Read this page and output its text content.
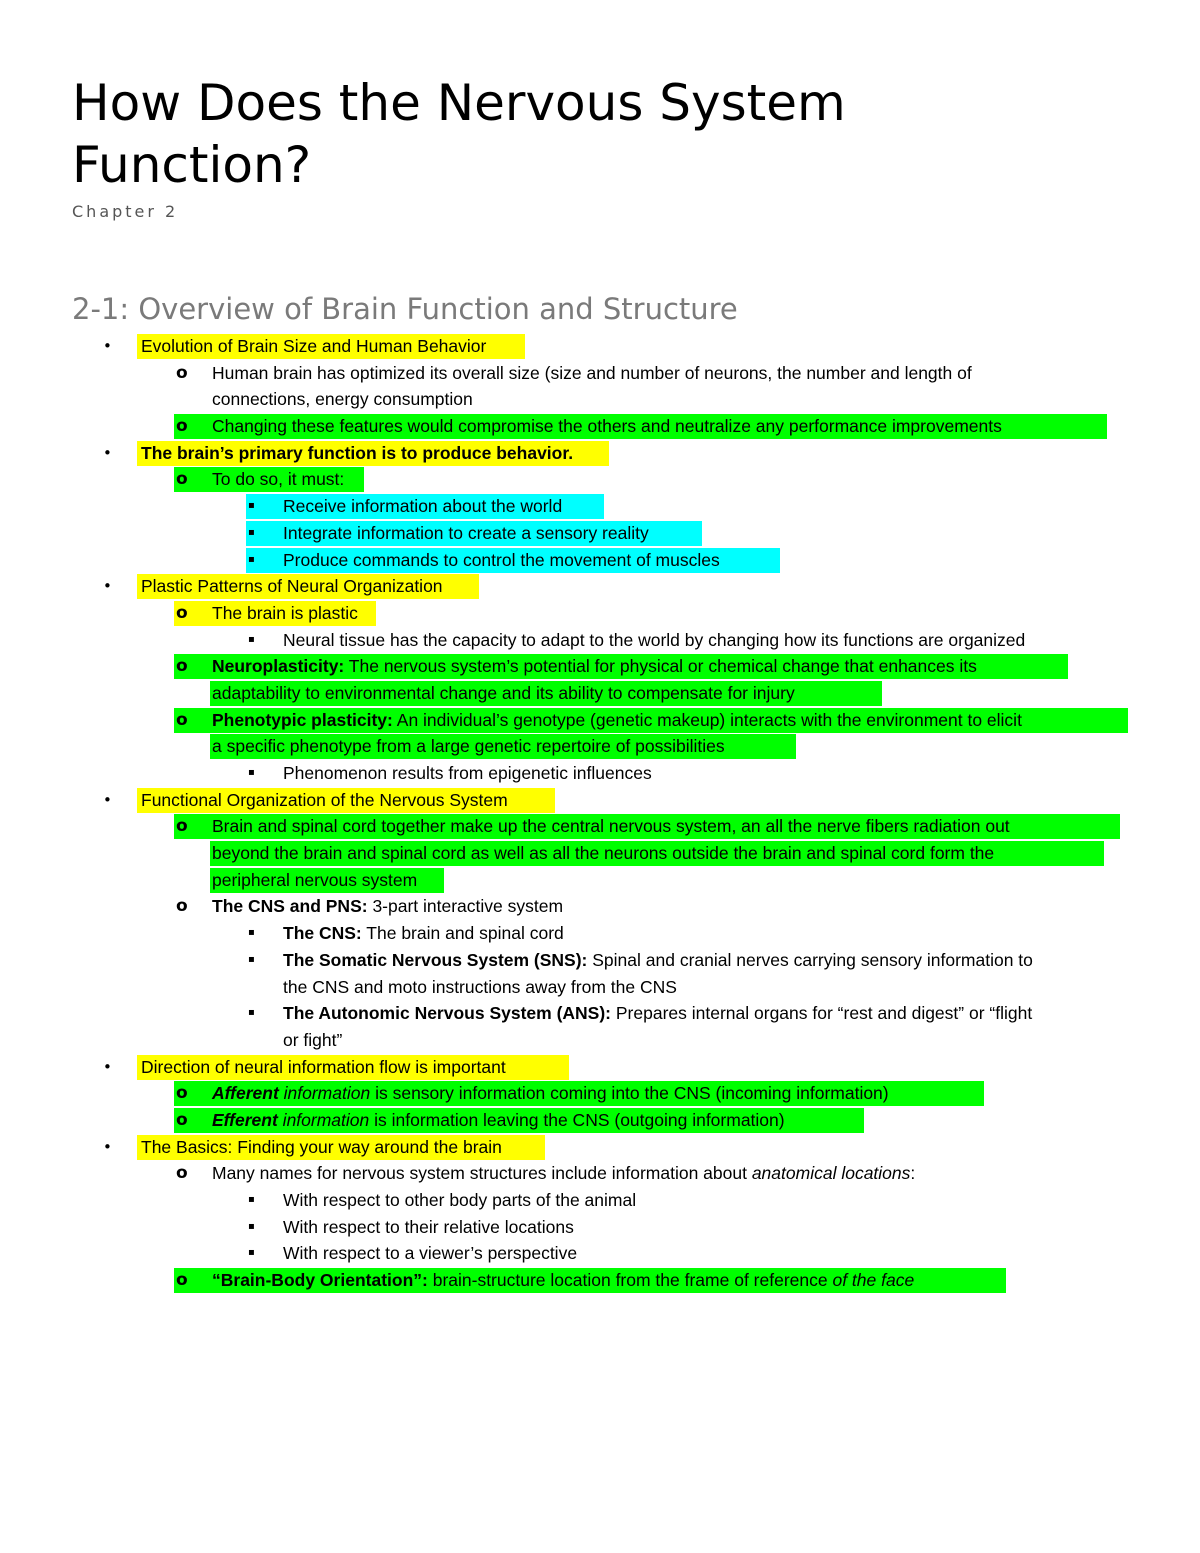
How Does the Nervous System
Function?
Chapter 2
2-1: Overview of Brain Function and Structure
• Evolution of Brain Size and Human Behavior
o Human brain has optimized its overall size (size and number of neurons, the number and length of
connections, energy consumption
o Changing these features would compromise the others and neutralize any performance improvements
• The brain’s primary function is to produce behavior.
o To do so, it must:
▪ Receive information about the world
▪ Integrate information to create a sensory reality
▪ Produce commands to control the movement of muscles
• Plastic Patterns of Neural Organization
o The brain is plastic
▪ Neural tissue has the capacity to adapt to the world by changing how its functions are organized
o Neuroplasticity: The nervous system’s potential for physical or chemical change that enhances its
adaptability to environmental change and its ability to compensate for injury
o Phenotypic plasticity: An individual’s genotype (genetic makeup) interacts with the environment to elicit
a specific phenotype from a large genetic repertoire of possibilities
▪ Phenomenon results from epigenetic influences
• Functional Organization of the Nervous System
o Brain and spinal cord together make up the central nervous system, an all the nerve fibers radiation out
beyond the brain and spinal cord as well as all the neurons outside the brain and spinal cord form the
peripheral nervous system
o The CNS and PNS: 3-part interactive system
▪ The CNS: The brain and spinal cord
▪ The Somatic Nervous System (SNS): Spinal and cranial nerves carrying sensory information to
the CNS and moto instructions away from the CNS
▪ The Autonomic Nervous System (ANS): Prepares internal organs for “rest and digest” or “flight
or fight”
• Direction of neural information flow is important
o Afferent information is sensory information coming into the CNS (incoming information)
o Efferent information is information leaving the CNS (outgoing information)
• The Basics: Finding your way around the brain
o Many names for nervous system structures include information about anatomical locations:
▪ With respect to other body parts of the animal
▪ With respect to their relative locations
▪ With respect to a viewer’s perspective
o “Brain-Body Orientation”: brain-structure location from the frame of reference of the face
